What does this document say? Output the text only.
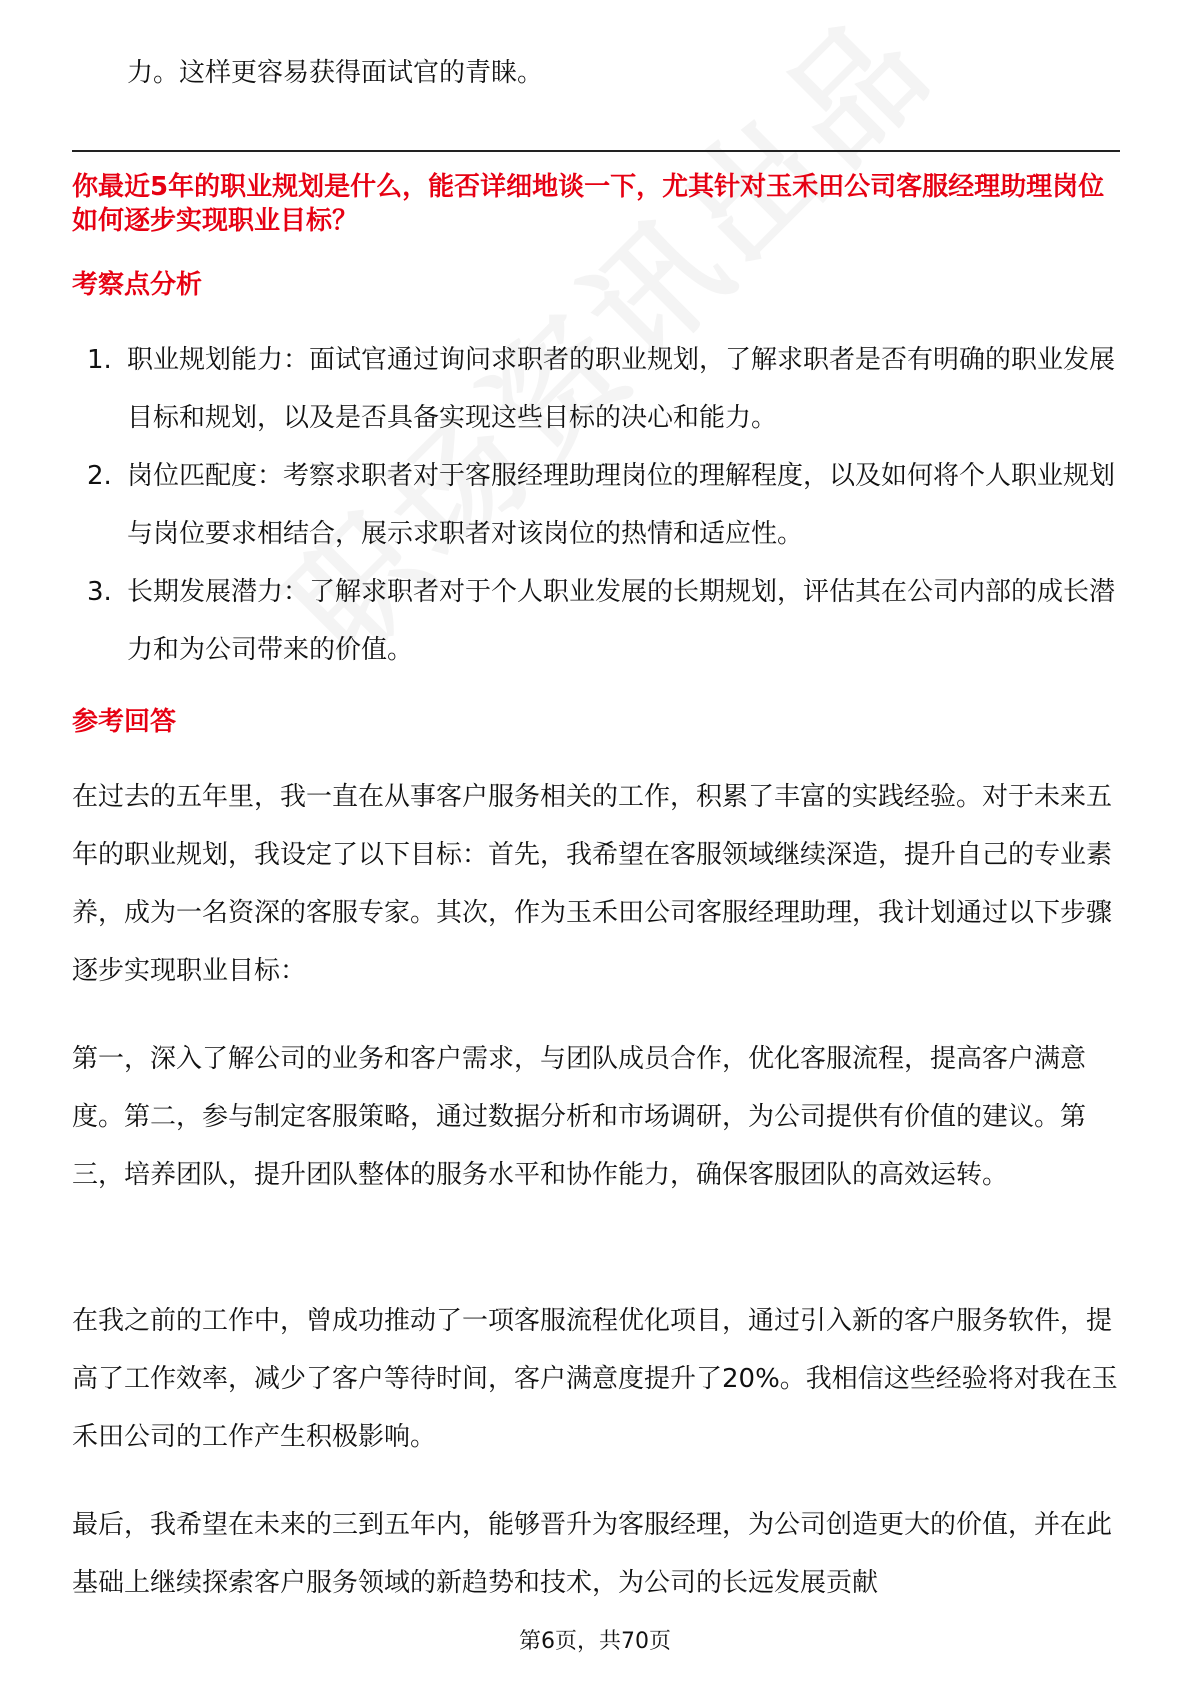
力。这样更容易获得面试官的青睐。
你最近5年的职业规划是什么，能否详细地谈一下，尤其针对玉禾田公司客服经理助理岗位如何逐步实现职业目标？
考察点分析
1. 职业规划能力：面试官通过询问求职者的职业规划，了解求职者是否有明确的职业发展目标和规划，以及是否具备实现这些目标的决心和能力。
2. 岗位匹配度：考察求职者对于客服经理助理岗位的理解程度，以及如何将个人职业规划与岗位要求相结合，展示求职者对该岗位的热情和适应性。
3. 长期发展潜力：了解求职者对于个人职业发展的长期规划，评估其在公司内部的成长潜力和为公司带来的价值。
参考回答
在过去的五年里，我一直在从事客户服务相关的工作，积累了丰富的实践经验。对于未来五年的职业规划，我设定了以下目标：首先，我希望在客服领域继续深造，提升自己的专业素养，成为一名资深的客服专家。其次，作为玉禾田公司客服经理助理，我计划通过以下步骤逐步实现职业目标：
第一，深入了解公司的业务和客户需求，与团队成员合作，优化客服流程，提高客户满意度。第二，参与制定客服策略，通过数据分析和市场调研，为公司提供有价值的建议。第三，培养团队，提升团队整体的服务水平和协作能力，确保客服团队的高效运转。
在我之前的工作中，曾成功推动了一项客服流程优化项目，通过引入新的客户服务软件，提高了工作效率，减少了客户等待时间，客户满意度提升了20%。我相信这些经验将对我在玉禾田公司的工作产生积极影响。
最后，我希望在未来的三到五年内，能够晋升为客服经理，为公司创造更大的价值，并在此基础上继续探索客户服务领域的新趋势和技术，为公司的长远发展贡献
第6页，共70页
